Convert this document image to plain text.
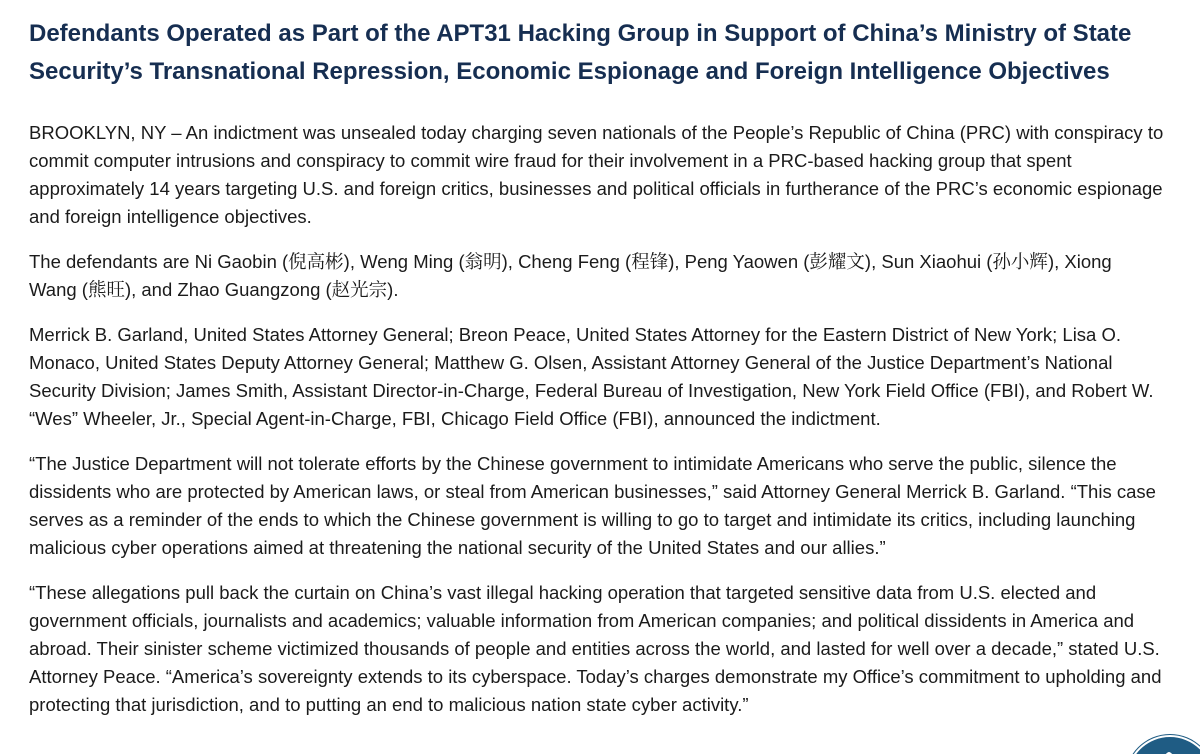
Defendants Operated as Part of the APT31 Hacking Group in Support of China’s Ministry of State Security’s Transnational Repression, Economic Espionage and Foreign Intelligence Objectives

BROOKLYN, NY – An indictment was unsealed today charging seven nationals of the People’s Republic of China (PRC) with conspiracy to commit computer intrusions and conspiracy to commit wire fraud for their involvement in a PRC-based hacking group that spent approximately 14 years targeting U.S. and foreign critics, businesses and political officials in furtherance of the PRC’s economic espionage and foreign intelligence objectives.

The defendants are Ni Gaobin (倪高彬), Weng Ming (翁明), Cheng Feng (程锋), Peng Yaowen (彭耀文), Sun Xiaohui (孙小辉), Xiong Wang (熊旺), and Zhao Guangzong (赵光宗).

Merrick B. Garland, United States Attorney General; Breon Peace, United States Attorney for the Eastern District of New York; Lisa O. Monaco, United States Deputy Attorney General; Matthew G. Olsen, Assistant Attorney General of the Justice Department’s National Security Division; James Smith, Assistant Director-in-Charge, Federal Bureau of Investigation, New York Field Office (FBI), and Robert W. “Wes” Wheeler, Jr., Special Agent-in-Charge, FBI, Chicago Field Office (FBI), announced the indictment.

“The Justice Department will not tolerate efforts by the Chinese government to intimidate Americans who serve the public, silence the dissidents who are protected by American laws, or steal from American businesses,” said Attorney General Merrick B. Garland. “This case serves as a reminder of the ends to which the Chinese government is willing to go to target and intimidate its critics, including launching malicious cyber operations aimed at threatening the national security of the United States and our allies.”

“These allegations pull back the curtain on China’s vast illegal hacking operation that targeted sensitive data from U.S. elected and government officials, journalists and academics; valuable information from American companies; and political dissidents in America and abroad. Their sinister scheme victimized thousands of people and entities across the world, and lasted for well over a decade,” stated U.S. Attorney Peace. “America’s sovereignty extends to its cyberspace. Today’s charges demonstrate my Office’s commitment to upholding and protecting that jurisdiction, and to putting an end to malicious nation state cyber activity.”
